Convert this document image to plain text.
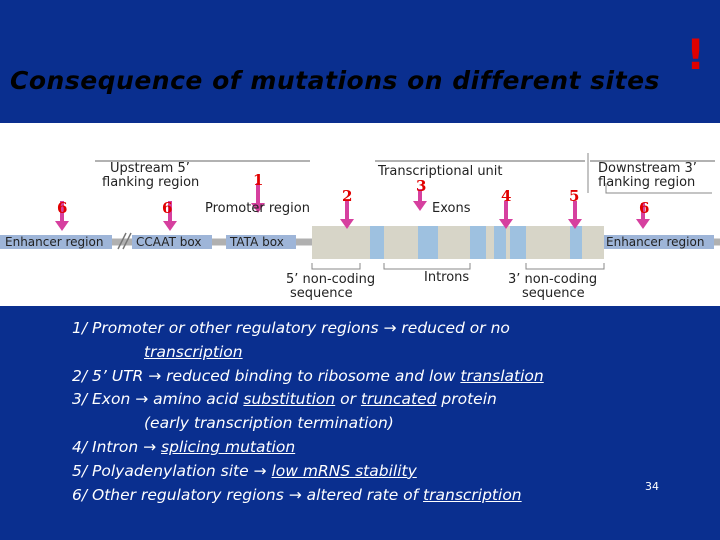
Consequence of mutations on different sites
!
Upstream 5’
flanking region
Transcriptional unit	Downstream 3’
flanking region
Promoter region	Exons
Enhancer region	CCAAT box TATA box	Enhancer region
5’ non-coding
sequence
Introns	3’ non-coding
sequence
6	6
1
2
3
4	5
6
1/ Promoter or other regulatory regions → reduced or no
transcription
2/ 5’ UTR → reduced binding to ribosome and low translation
3/ Exon → amino acid substitution or truncated protein
(early transcription termination)
4/ Intron → splicing mutation
5/ Polyadenylation site → low mRNS stability
6/ Other regulatory regions → altered rate of transcription	34
